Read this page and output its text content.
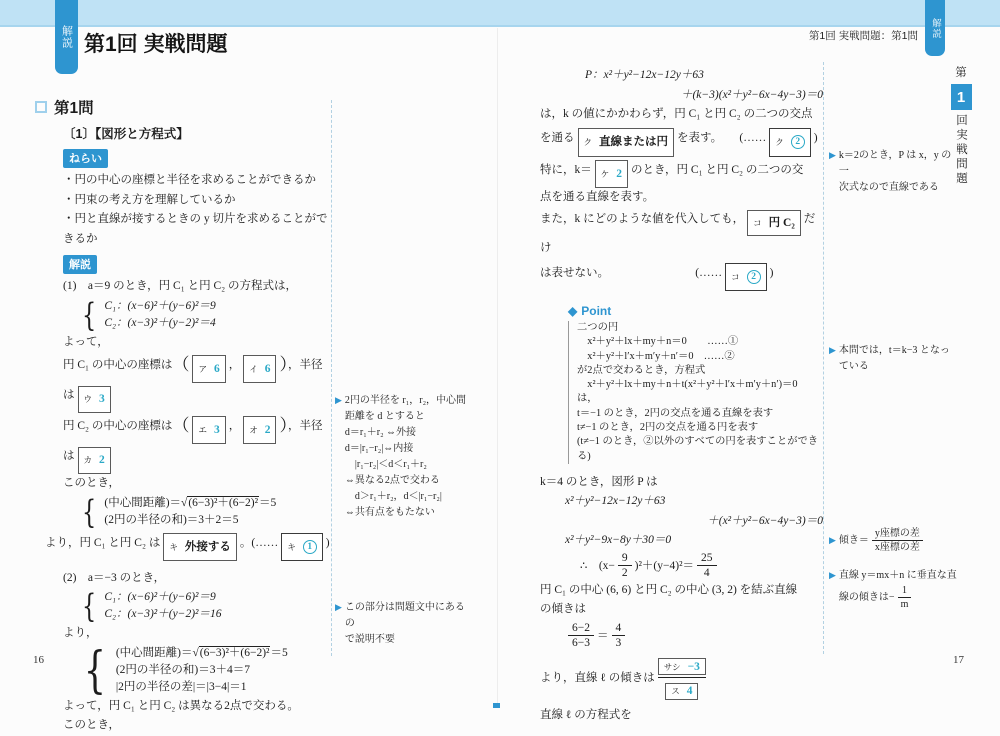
解説	解説
第1回 実戦問題	第1回 実戦問題：第1問
第
1
回実戦問題
16	17
第1問
〔1〕【図形と方程式】
ねらい
・円の中心の座標と半径を求めることができるか
・円束の考え方を理解しているか
・円と直線が接するときの y 切片を求めることができるか
解説
(1)　a＝9 のとき，円 C₁ と円 C₂ の方程式は，
{ C₁：(x−6)²＋(y−6)²＝9
C₂：(x−3)²＋(y−2)²＝4
よって，
円 C₁ の中心の座標は（ ア 6 ， イ 6 ），半径
は ウ 3
円 C₂ の中心の座標は（ エ 3 ， オ 2 ），半径
は カ 2
このとき，
{ (中心間距離)＝√(6−3)²＋(6−2)²＝5
(2円の半径の和)＝3＋2＝5
より，円 C₁ と円 C₂ は キ 外接する 。(…… キ	1	)
(2)　a＝−3 のとき，
{ C₁：(x−6)²＋(y−6)²＝9
C₂：(x−3)²＋(y−2)²＝16
より，
{ (中心間距離)＝√(6−3)²＋(6−2)²＝5
(2円の半径の和)＝3＋4＝7
|2円の半径の差|＝|3−4|＝1
よって，円 C₁ と円 C₂ は異なる2点で交わる。
このとき，
▶ 2円の半径を r₁，r₂，中心間
距離を d とすると
d＝r₁＋r₂ ⇔外接
d＝|r₁−r₂|⇔内接
　|r₁−r₂|＜d＜r₁＋r₂
⇔異なる2点で交わる
　d＞r₁＋r₂，d＜|r₁−r₂|
⇔共有点をもたない
▶ この部分は問題文中にあるの
で説明不要
P：x²＋y²−12x−12y＋63
＋(k−3)(x²＋y²−6x−4y−3)＝0
は，k の値にかかわらず，円 C₁ と円 C₂ の二つの交点
を通る ク 直線または円 を表す。　　 (…… ク	2	)
特に，k＝ ケ 2 のとき，円 C₁ と円 C₂ の二つの交
点を通る直線を表す。
また，k にどのような値を代入しても， コ 円 C₂ だけ
は表せない。　　　　　　　　	(…… コ	2	)
◆ Point
二つの円
　x²＋y²＋lx＋my＋n＝0　　……①
　x²＋y²＋l′x＋m′y＋n′＝0　……②
が2点で交わるとき，方程式
　x²＋y²＋lx＋my＋n＋t(x²＋y²＋l′x＋m′y＋n′)＝0
は，
t＝−1 のとき，2円の交点を通る直線を表す
t≠−1 のとき，2円の交点を通る円を表す
(t≠−1 のとき，②以外のすべての円を表すことができる)
k＝4 のとき，図形 P は
x²＋y²−12x−12y＋63
＋(x²＋y²−6x−4y−3)＝0
x²＋y²−9x−8y＋30＝0
∴　$(x- \frac{9}{2} )^2+(y-4)^2= \frac{25}{4}$
円 C₁ の中心 (6, 6) と円 C₂ の中心 (3, 2) を結ぶ直線
の傾きは
$\frac{6-2}{6-3} = \frac{4}{3}$
より，直線 ℓ の傾きは $\frac{\text{サシ −3}}{\text{ス 4}}$
直線 ℓ の方程式を
▶ k＝2のとき，P は x，y の一
次式なので直線である
▶ 本問では，t＝k−3 となっ
ている
▶ 傾き＝ $\frac{\text{y座標の差}}{\text{x座標の差}}$
▶ 直線 y＝mx＋n に垂直な直
線の傾きは− $\frac{1}{m}$
